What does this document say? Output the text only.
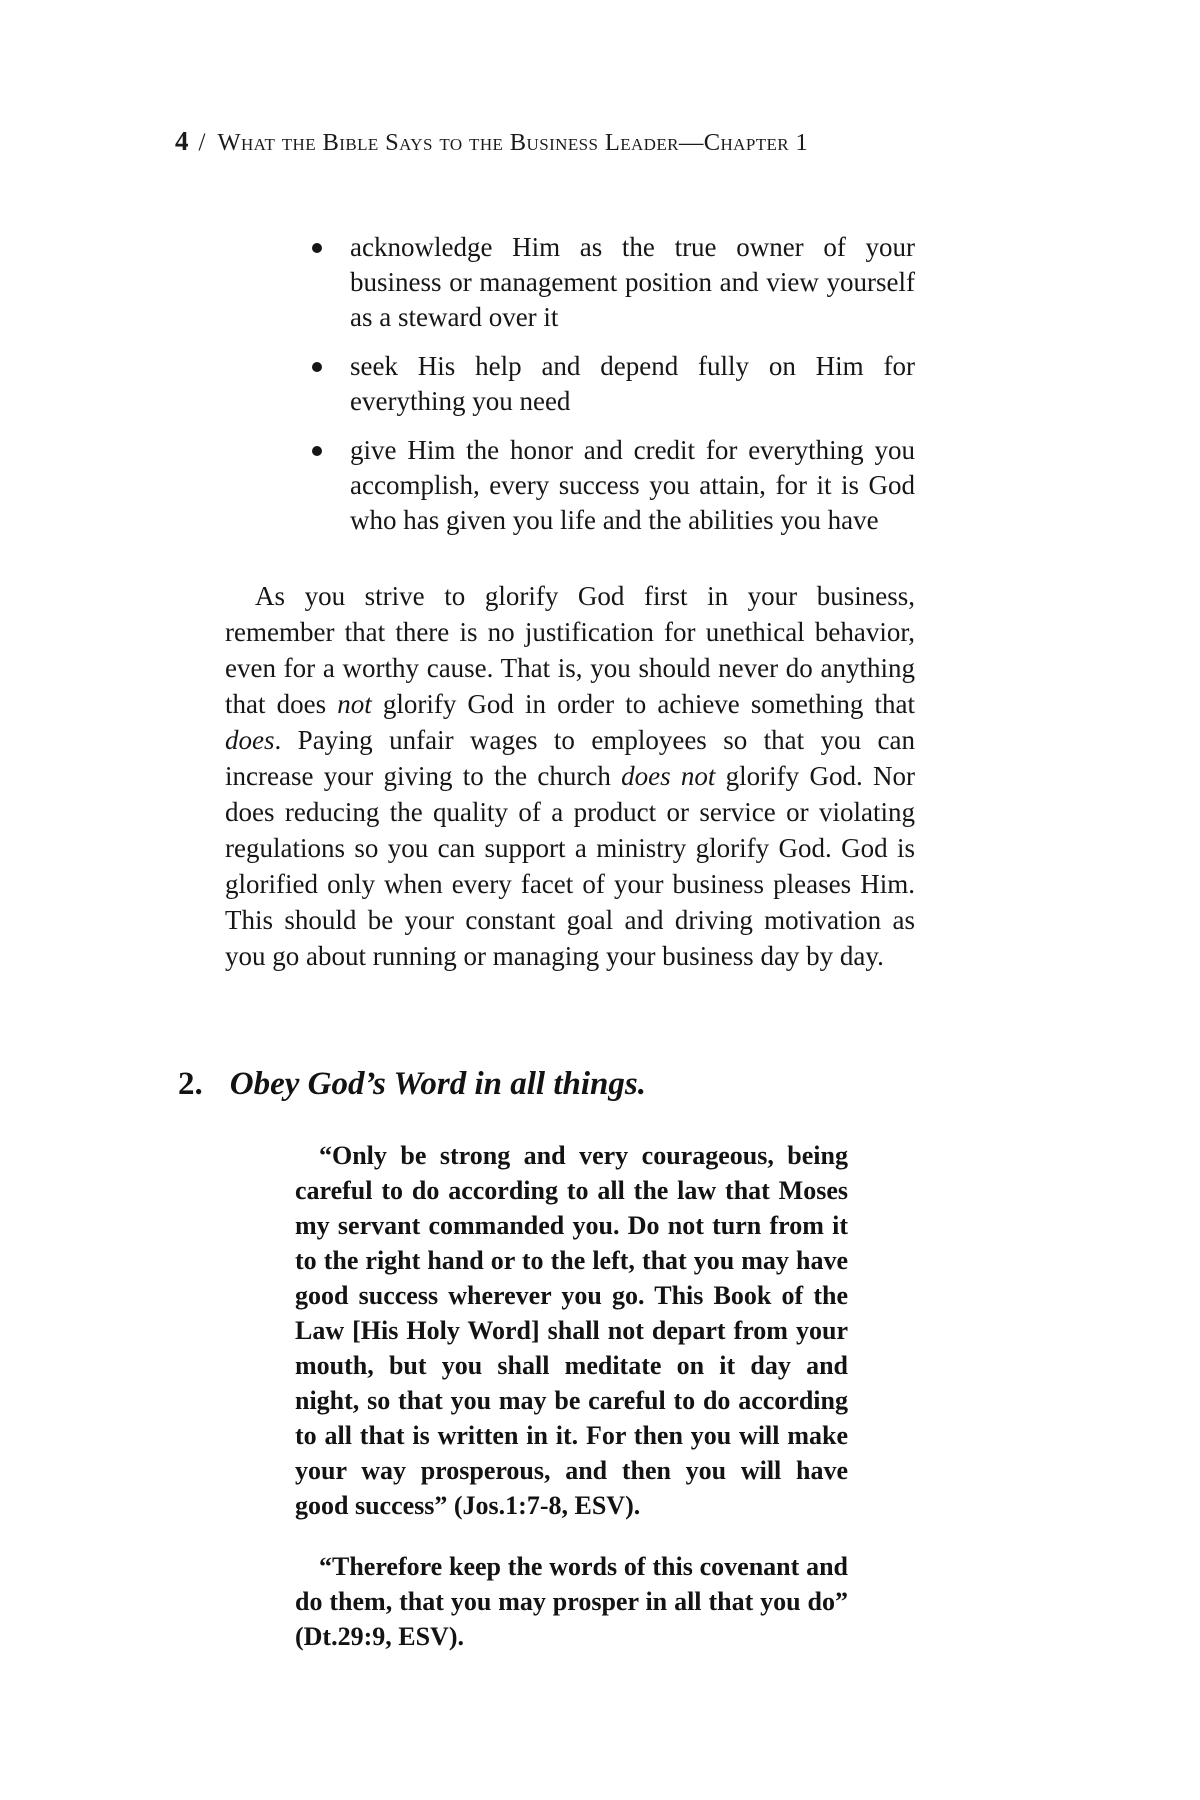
4 / What the Bible Says to the Business Leader—Chapter 1
acknowledge Him as the true owner of your business or management position and view yourself as a steward over it
seek His help and depend fully on Him for everything you need
give Him the honor and credit for everything you accomplish, every success you attain, for it is God who has given you life and the abilities you have
As you strive to glorify God first in your business, remember that there is no justification for unethical behavior, even for a worthy cause. That is, you should never do anything that does not glorify God in order to achieve something that does. Paying unfair wages to employees so that you can increase your giving to the church does not glorify God. Nor does reducing the quality of a product or service or violating regulations so you can support a ministry glorify God. God is glorified only when every facet of your business pleases Him. This should be your constant goal and driving motivation as you go about running or managing your business day by day.
2. Obey God’s Word in all things.

“Only be strong and very courageous, being careful to do according to all the law that Moses my servant commanded you. Do not turn from it to the right hand or to the left, that you may have good success wherever you go. This Book of the Law [His Holy Word] shall not depart from your mouth, but you shall meditate on it day and night, so that you may be careful to do according to all that is written in it. For then you will make your way prosperous, and then you will have good success” (Jos.1:7-8, ESV).

“Therefore keep the words of this covenant and do them, that you may prosper in all that you do” (Dt.29:9, ESV).
